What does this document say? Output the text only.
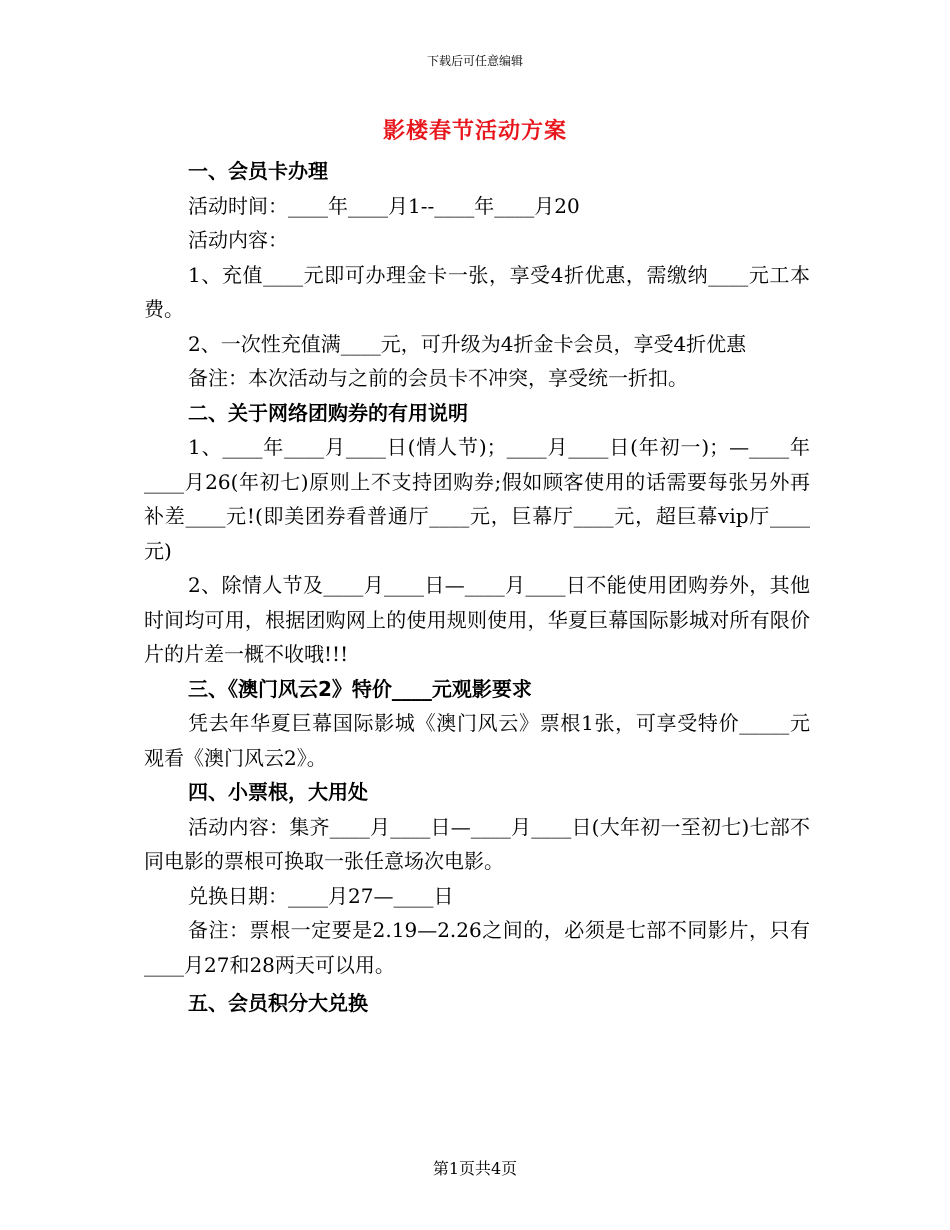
下载后可任意编辑
影楼春节活动方案

一、会员卡办理

活动时间：____年____月1--____年____月20

活动内容：

1、充值____元即可办理金卡一张，享受4折优惠，需缴纳____元工本费。

2、一次性充值满____元，可升级为4折金卡会员，享受4折优惠

备注：本次活动与之前的会员卡不冲突，享受统一折扣。

二、关于网络团购券的有用说明

1、____年____月____日(情人节)；____月____日(年初一)；—____年____月26(年初七)原则上不支持团购券;假如顾客使用的话需要每张另外再补差____元!(即美团券看普通厅____元，巨幕厅____元，超巨幕vip厅____元)

2、除情人节及____月____日—____月____日不能使用团购券外，其他时间均可用，根据团购网上的使用规则使用，华夏巨幕国际影城对所有限价片的片差一概不收哦!!!

三、《澳门风云2》特价____元观影要求

凭去年华夏巨幕国际影城《澳门风云》票根1张，可享受特价_____元观看《澳门风云2》。

四、小票根，大用处

活动内容：集齐____月____日—____月____日(大年初一至初七)七部不同电影的票根可换取一张任意场次电影。

兑换日期：____月27—____日

备注：票根一定要是2.19—2.26之间的，必须是七部不同影片，只有____月27和28两天可以用。

五、会员积分大兑换

第1页共4页
